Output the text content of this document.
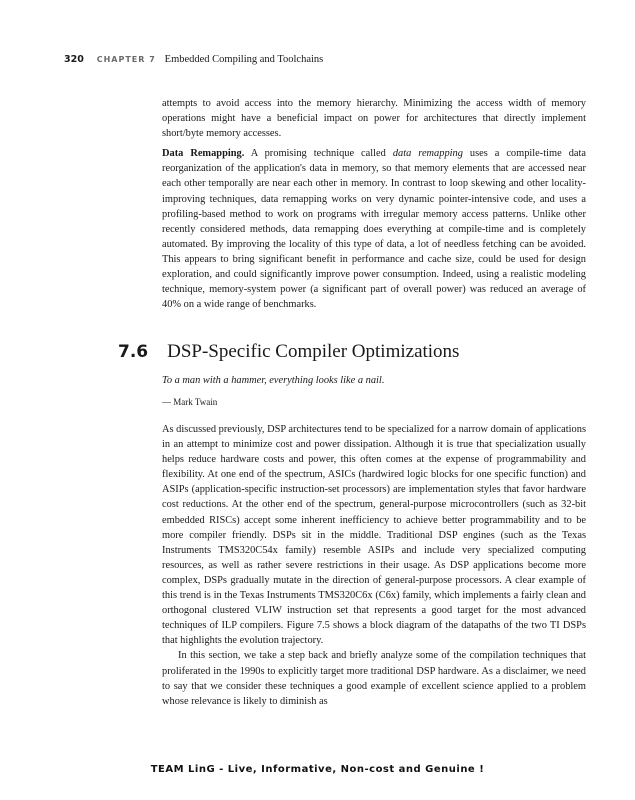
320 CHAPTER 7 Embedded Compiling and Toolchains

attempts to avoid access into the memory hierarchy. Minimizing the access width of memory operations might have a beneficial impact on power for architectures that directly implement short/byte memory accesses.

Data Remapping. A promising technique called data remapping uses a compile-time data reorganization of the application's data in memory, so that memory elements that are accessed near each other temporally are near each other in memory. In contrast to loop skewing and other locality-improving techniques, data remapping works on very dynamic pointer-intensive code, and uses a profiling-based method to work on programs with irregular memory access patterns. Unlike other recently considered methods, data remapping does everything at compile-time and is completely automated. By improving the locality of this type of data, a lot of needless fetching can be avoided. This appears to bring significant benefit in performance and cache size, could be used for design exploration, and could significantly improve power consumption. Indeed, using a realistic modeling technique, memory-system power (a significant part of overall power) was reduced an average of 40% on a wide range of benchmarks.

7.6 DSP-Specific Compiler Optimizations

To a man with a hammer, everything looks like a nail.

— Mark Twain

As discussed previously, DSP architectures tend to be specialized for a narrow domain of applications in an attempt to minimize cost and power dissipation. Although it is true that specialization usually helps reduce hardware costs and power, this often comes at the expense of programmability and flexibility. At one end of the spectrum, ASICs (hardwired logic blocks for one specific function) and ASIPs (application-specific instruction-set processors) are implementation styles that favor hardware cost reductions. At the other end of the spectrum, general-purpose microcontrollers (such as 32-bit embedded RISCs) accept some inherent inefficiency to achieve better programmability and to be more compiler friendly. DSPs sit in the middle. Traditional DSP engines (such as the Texas Instruments TMS320C54x family) resemble ASIPs and include very specialized computing resources, as well as rather severe restrictions in their usage. As DSP applications become more complex, DSPs gradually mutate in the direction of general-purpose processors. A clear example of this trend is in the Texas Instruments TMS320C6x (C6x) family, which implements a fairly clean and orthogonal clustered VLIW instruction set that represents a good target for the most advanced techniques of ILP compilers. Figure 7.5 shows a block diagram of the datapaths of the two TI DSPs that highlights the evolution trajectory.

In this section, we take a step back and briefly analyze some of the compilation techniques that proliferated in the 1990s to explicitly target more traditional DSP hardware. As a disclaimer, we need to say that we consider these techniques a good example of excellent science applied to a problem whose relevance is likely to diminish as

TEAM LinG - Live, Informative, Non-cost and Genuine !
